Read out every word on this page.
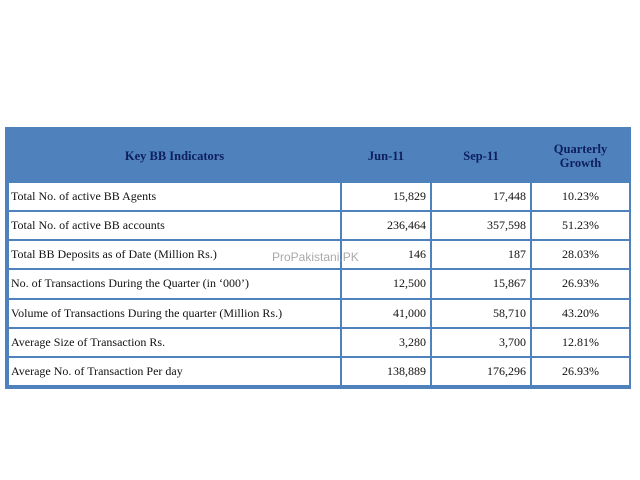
Key BB Indicators	Jun-11	Sep-11	Quarterly
Growth
Total No. of active BB Agents	15,829	17,448	10.23%
Total No. of active BB accounts	236,464	357,598	51.23%
Total BB Deposits as of Date (Million Rs.)	146	187	28.03%
No. of Transactions During the Quarter (in ‘000’)	12,500	15,867	26.93%
Volume of Transactions During the quarter (Million Rs.)	41,000	58,710	43.20%
Average Size of Transaction Rs.	3,280	3,700	12.81%
Average No. of Transaction Per day	138,889	176,296	26.93%
ProPakistani.PK
